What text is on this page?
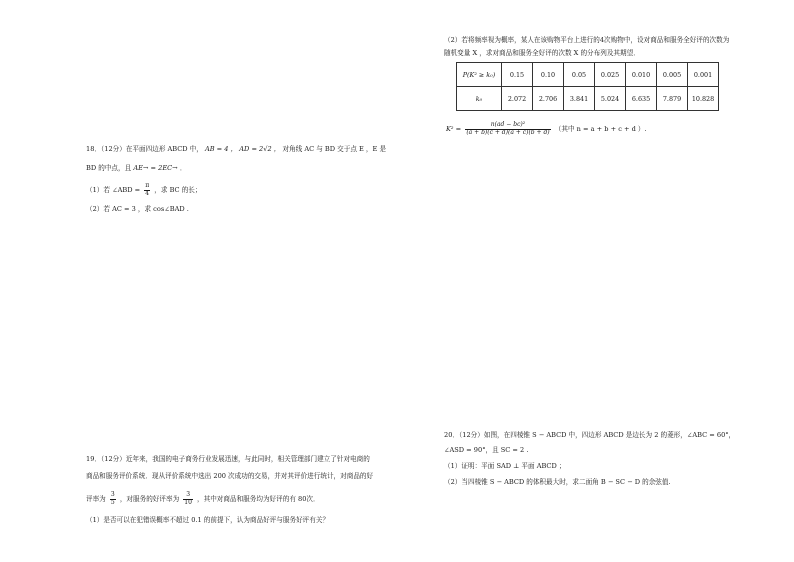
（2）若将频率视为概率，某人在该购物平台上进行的4次购物中，设对商品和服务全好评的次数为
随机变量 X ，求对商品和服务全好评的次数 X 的分布列及其期望．
P(K² ≥ k₀)	0.15	0.10	0.05	0.025	0.010	0.005	0.001
k₀	2.072	2.706	3.841	5.024	6.635	7.879	10.828
$K^2 = \frac{\text{n(ad − bc)²}}{(a + b)(c + d)(a + c)(b + d)}$ （其中 n = a + b + c + d ）.
18．（12分）在平面四边形 ABCD 中， AB = 4 ， AD = 2√2 ， 对角线 AC 与 BD 交于点 E ，E 是
BD 的中点，且 AE→ = 2EC→ ．
（1）若 ∠ABD = $\frac{\pi}{4}$ ，求 BC 的长；
（2）若 AC = 3 ，求 cos∠BAD .
19．（12分）近年来，我国的电子商务行业发展迅速，与此同时，相关管理部门建立了针对电商的
商品和服务评价系统．现从评价系统中选出 200 次成功的交易，并对其评价进行统计，对商品的好
评率为 $\frac{3}{5}$ ，对服务的好评率为 $\frac{3}{10}$ ，其中对商品和服务均为好评的有 80次．
（1）是否可以在犯错误概率不超过 0.1 的前提下，认为商品好评与服务好评有关？
20．（12分）如图，在四棱锥 S − ABCD 中，四边形 ABCD 是边长为 2 的菱形，∠ABC = 60°，
∠ASD = 90°，且 SC = 2 .
（1）证明：平面 SAD ⊥ 平面 ABCD ；
（2）当四棱锥 S − ABCD 的体积最大时，求二面角 B − SC − D 的余弦值.
